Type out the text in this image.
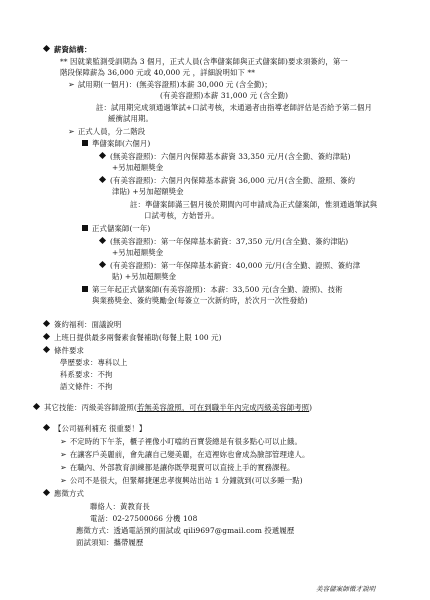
薪資結構：
** 因就業監測受訓期為 3 個月，正式人員(含準儲案師與正式儲案師)要求須簽約，第一
階段保障薪為 36,000 元或 40,000 元 ，詳細說明如下 **
➢ 試用期(一個月)：(無美容證照)本薪 30,000 元 (含全勤)；
(有美容證照)本薪 31,000 元 (含全勤)
註：試用期完成須通過筆試+口試考核，未通過者由指導老師評估是否給予第二個月
緩衝試用期。
➢ 正式人員，分二階段
準儲案師(六個月)
(無美容證照)：六個月內保障基本薪資 33,350 元/月(含全勤、簽約津貼)
+另加超額獎金
(有美容證照)：六個月內保障基本薪資 36,000 元/月(含全勤、證照、簽約
津貼) +另加超額獎金
註：準儲案師滿三個月後於期間內可申請成為正式儲案師，惟須通過筆試與
口試考核，方始晉升。
正式儲案師(一年)
(無美容證照)：第一年保障基本薪資：37,350 元/月(含全勤、簽約津貼)
+另加超額獎金
(有美容證照)：第一年保障基本薪資：40,000 元/月(含全勤、證照、簽約津
貼) +另加超額獎金
第三年起正式儲案師(有美容證照)：本薪：33,500 元(含全勤、證照)、技術
與業務獎金、簽約獎勵金(每簽立一次新約時，於次月一次性發給)
簽約福利：面議說明
上班日提供最多兩餐素食餐補助(每餐上限 100 元)
條件要求
學歷要求：專科以上
科系要求：不拘
語文條件：不拘
其它技能：丙級美容師證照(若無美容證照，可在到職半年內完成丙級美容師考照)
【公司福利補充 很重要！】
➢ 不定時的下午茶，櫃子裡像小叮噹的百寶袋總是有很多點心可以止餓。
➢ 在讓客戶美麗前，會先讓自己變美麗，在這裡妳也會成為臉部管理達人。
➢ 在職內、外部教育訓練都是讓你既學現賣可以直接上手的實務課程。
➢ 公司不是很大，但緊鄰捷運忠孝復興站出站 1 分鐘就到(可以多睡一點)
應徵方式
聯絡人：黃教育長
電話：02-27500066 分機 108
應徵方式：透過電話預約面試或 qili9697@gmail.com 投遞履歷
面試須知：攜帶履歷
美容儲案師徵才說明
